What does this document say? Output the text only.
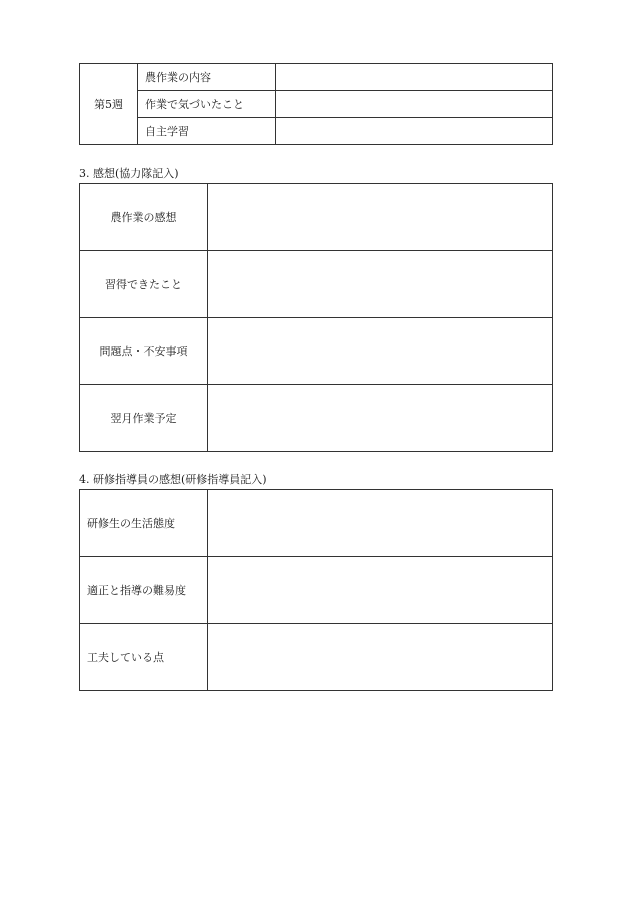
第5週	農作業の内容	
	作業で気づいたこと	
	自主学習	
3. 感想(協力隊記入)
農作業の感想	
習得できたこと	
問題点・不安事項	
翌月作業予定	
4. 研修指導員の感想(研修指導員記入)
研修生の生活態度	
適正と指導の難易度	
工夫している点	
